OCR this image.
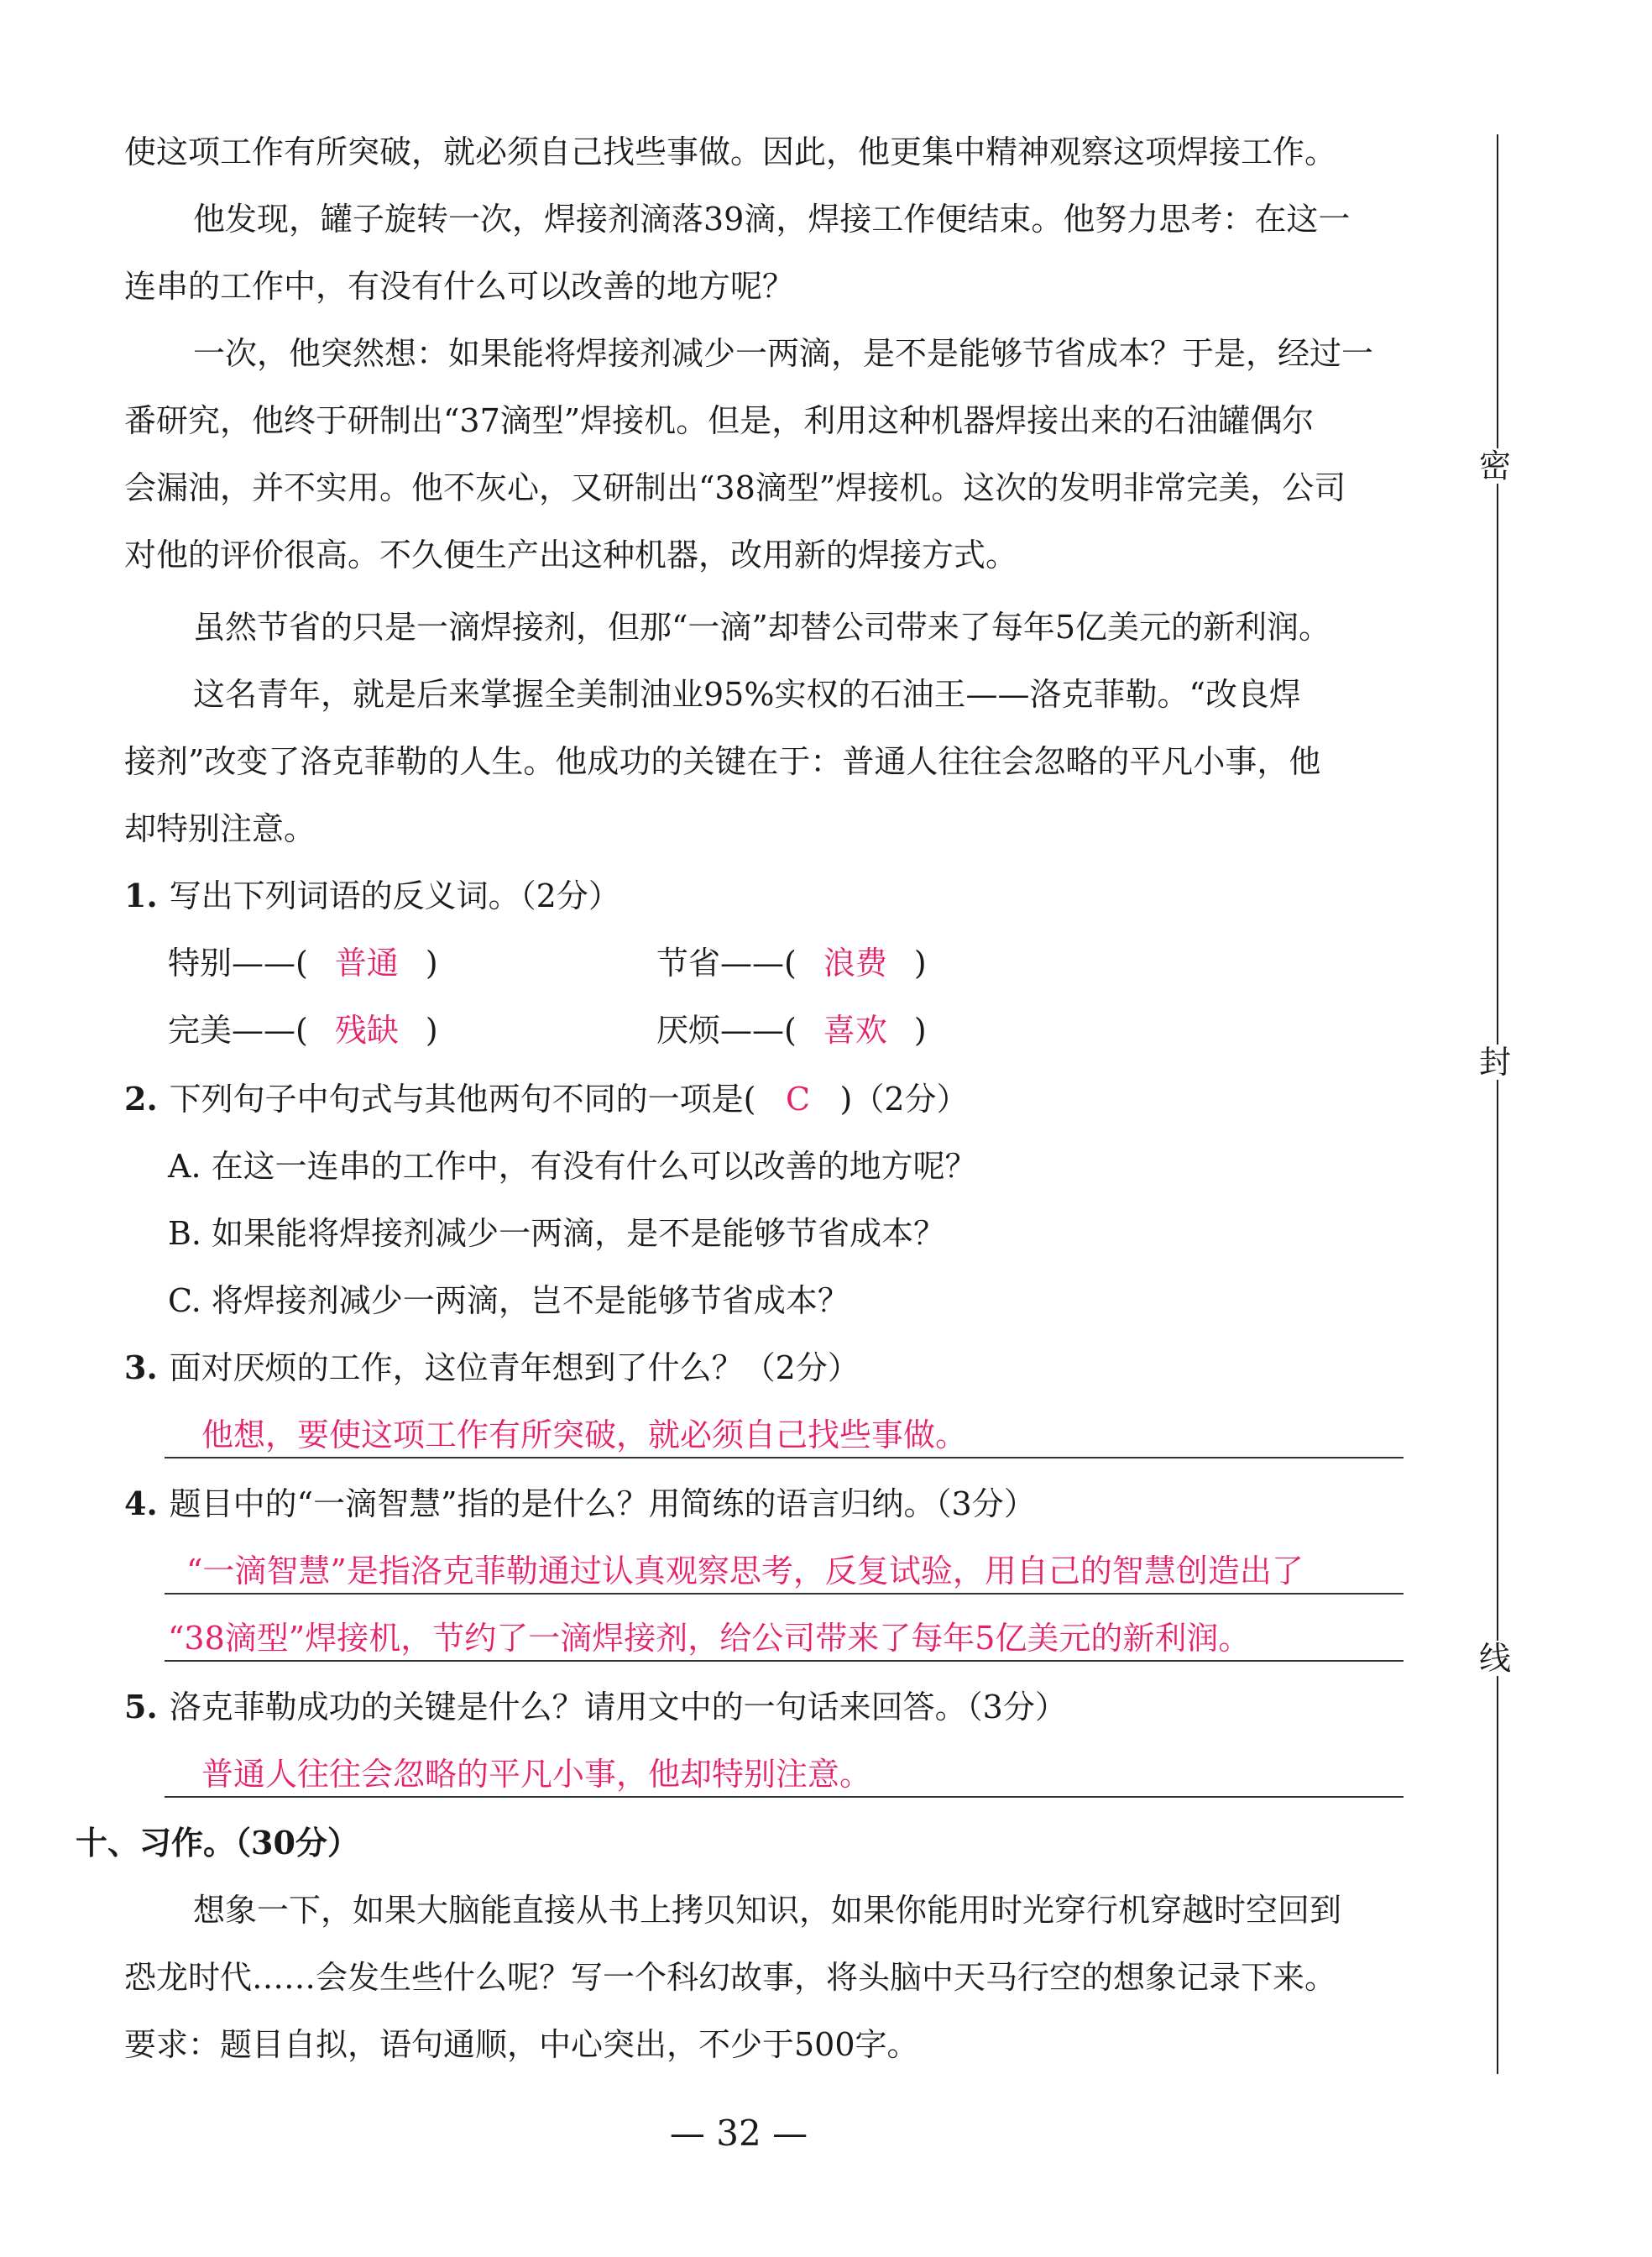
使这项工作有所突破，就必须自己找些事做。因此，他更集中精神观察这项焊接工作。
他发现，罐子旋转一次，焊接剂滴落39滴，焊接工作便结束。他努力思考：在这一
连串的工作中，有没有什么可以改善的地方呢？
一次，他突然想：如果能将焊接剂减少一两滴，是不是能够节省成本？于是，经过一
番研究，他终于研制出“37滴型”焊接机。但是，利用这种机器焊接出来的石油罐偶尔
会漏油，并不实用。他不灰心，又研制出“38滴型”焊接机。这次的发明非常完美，公司
对他的评价很高。不久便生产出这种机器，改用新的焊接方式。
虽然节省的只是一滴焊接剂，但那“一滴”却替公司带来了每年5亿美元的新利润。
这名青年，就是后来掌握全美制油业95%实权的石油王——洛克菲勒。“改良焊
接剂”改变了洛克菲勒的人生。他成功的关键在于：普通人往往会忽略的平凡小事，他
却特别注意。
1. 写出下列词语的反义词。（2分）
特别——( 普通 )	节省——( 浪费 )
完美——( 残缺 )	厌烦——( 喜欢 )
2. 下列句子中句式与其他两句不同的一项是( C )（2分）
A. 在这一连串的工作中，有没有什么可以改善的地方呢？
B. 如果能将焊接剂减少一两滴，是不是能够节省成本？
C. 将焊接剂减少一两滴，岂不是能够节省成本？
3. 面对厌烦的工作，这位青年想到了什么？（2分）
他想，要使这项工作有所突破，就必须自己找些事做。
4. 题目中的“一滴智慧”指的是什么？用简练的语言归纳。（3分）
“一滴智慧”是指洛克菲勒通过认真观察思考，反复试验，用自己的智慧创造出了
“38滴型”焊接机，节约了一滴焊接剂，给公司带来了每年5亿美元的新利润。
5. 洛克菲勒成功的关键是什么？请用文中的一句话来回答。（3分）
普通人往往会忽略的平凡小事，他却特别注意。
十、习作。（30分）
想象一下，如果大脑能直接从书上拷贝知识，如果你能用时光穿行机穿越时空回到
恐龙时代……会发生些什么呢？写一个科幻故事，将头脑中天马行空的想象记录下来。
要求：题目自拟，语句通顺，中心突出，不少于500字。
密
封
线
— 32 —
